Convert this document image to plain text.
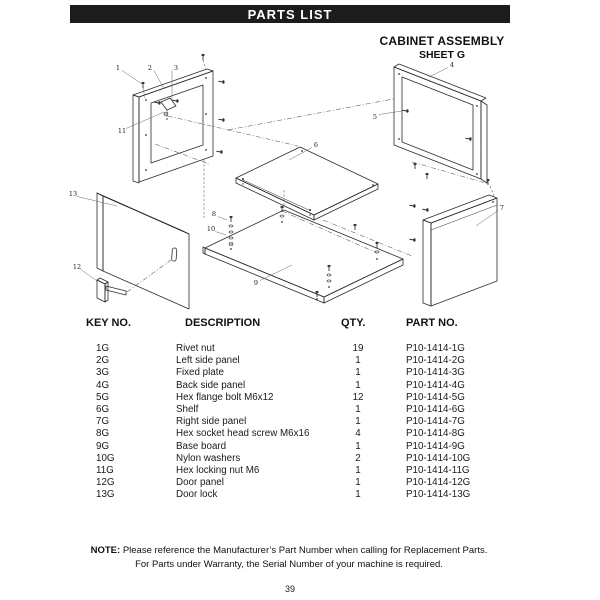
PARTS LIST
CABINET ASSEMBLY
SHEET G
1	2	3
11
4
5
6
7
8
10
9
13
12
KEY NO.	DESCRIPTION	QTY.	PART NO.
1G	Rivet nut	19	P10-1414-1G
2G	Left side panel	1	P10-1414-2G
3G	Fixed plate	1	P10-1414-3G
4G	Back side panel	1	P10-1414-4G
5G	Hex flange bolt M6x12	12	P10-1414-5G
6G	Shelf	1	P10-1414-6G
7G	Right side panel	1	P10-1414-7G
8G	Hex socket head screw M6x16	4	P10-1414-8G
9G	Base board	1	P10-1414-9G
10G	Nylon washers	2	P10-1414-10G
11G	Hex locking nut M6	1	P10-1414-11G
12G	Door panel	1	P10-1414-12G
13G	Door lock	1	P10-1414-13G
NOTE: Please reference the Manufacturer’s Part Number when calling for Replacement Parts.
For Parts under Warranty, the Serial Number of your machine is required.
39
